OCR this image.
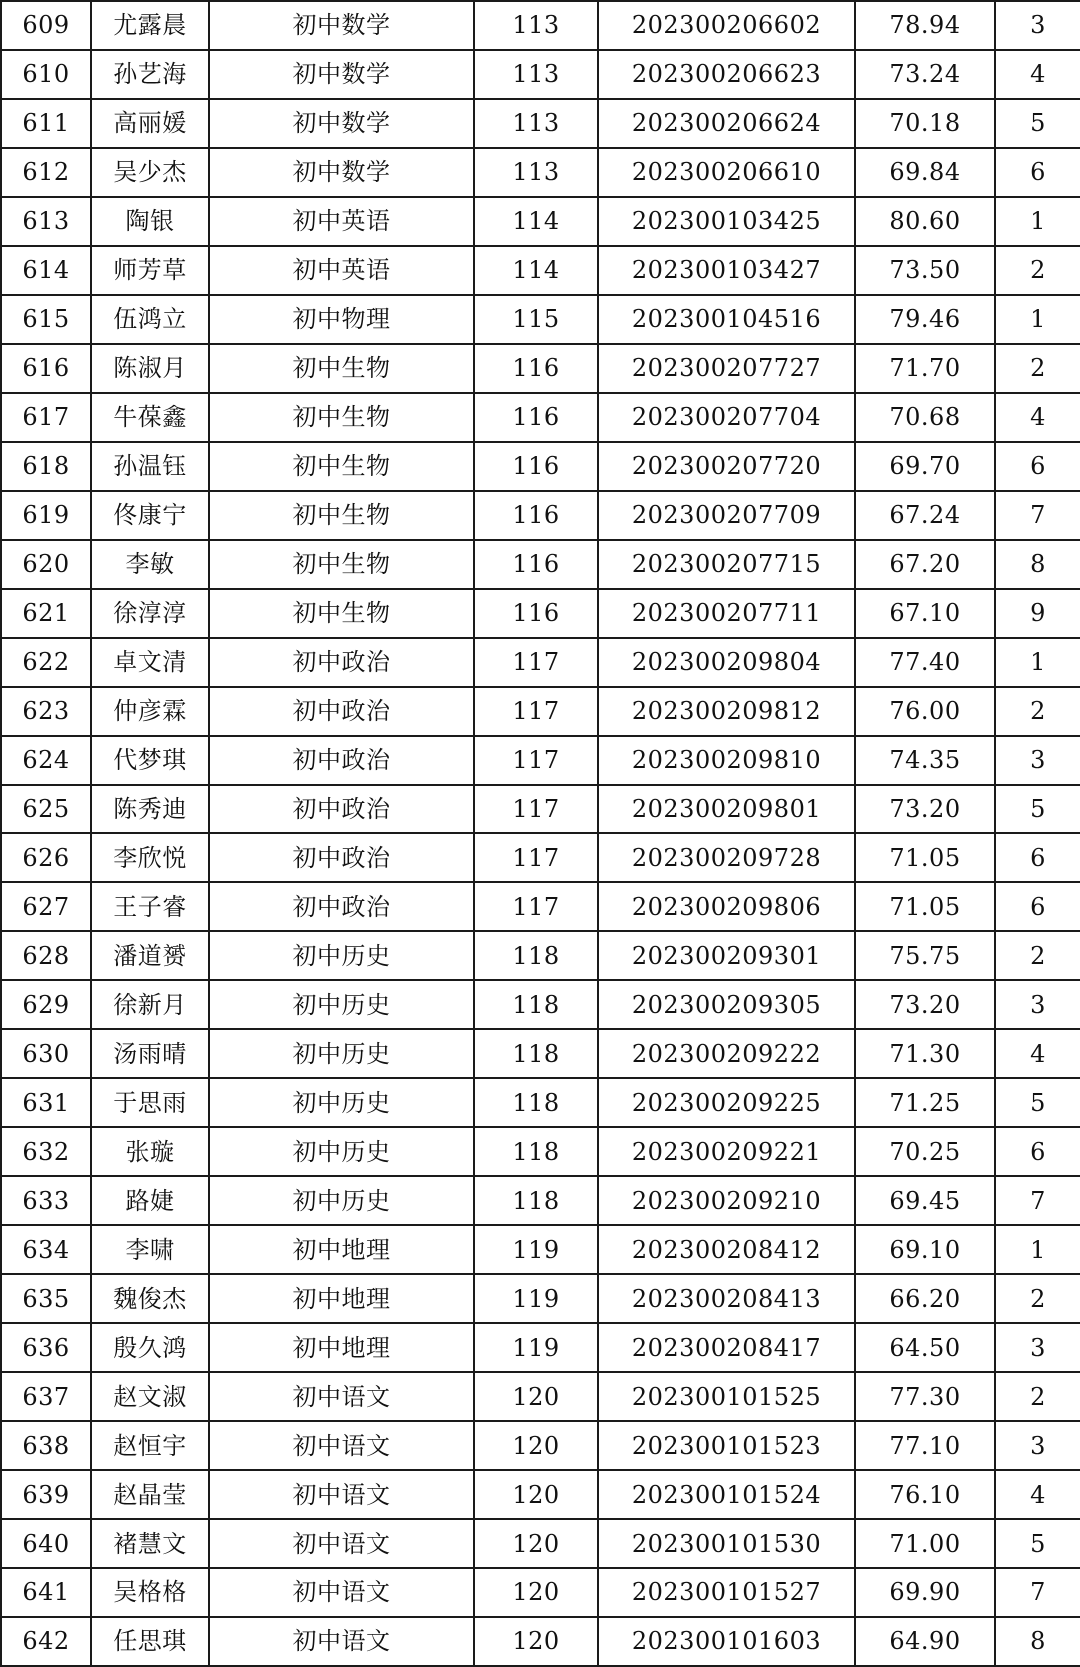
609	尤露晨	初中数学	113	202300206602	78.94	3
610	孙艺海	初中数学	113	202300206623	73.24	4
611	高丽媛	初中数学	113	202300206624	70.18	5
612	吴少杰	初中数学	113	202300206610	69.84	6
613	陶银	初中英语	114	202300103425	80.60	1
614	师芳草	初中英语	114	202300103427	73.50	2
615	伍鸿立	初中物理	115	202300104516	79.46	1
616	陈淑月	初中生物	116	202300207727	71.70	2
617	牛葆鑫	初中生物	116	202300207704	70.68	4
618	孙温钰	初中生物	116	202300207720	69.70	6
619	佟康宁	初中生物	116	202300207709	67.24	7
620	李敏	初中生物	116	202300207715	67.20	8
621	徐淳淳	初中生物	116	202300207711	67.10	9
622	卓文清	初中政治	117	202300209804	77.40	1
623	仲彦霖	初中政治	117	202300209812	76.00	2
624	代梦琪	初中政治	117	202300209810	74.35	3
625	陈秀迪	初中政治	117	202300209801	73.20	5
626	李欣悦	初中政治	117	202300209728	71.05	6
627	王子睿	初中政治	117	202300209806	71.05	6
628	潘道赟	初中历史	118	202300209301	75.75	2
629	徐新月	初中历史	118	202300209305	73.20	3
630	汤雨晴	初中历史	118	202300209222	71.30	4
631	于思雨	初中历史	118	202300209225	71.25	5
632	张璇	初中历史	118	202300209221	70.25	6
633	路婕	初中历史	118	202300209210	69.45	7
634	李啸	初中地理	119	202300208412	69.10	1
635	魏俊杰	初中地理	119	202300208413	66.20	2
636	殷久鸿	初中地理	119	202300208417	64.50	3
637	赵文淑	初中语文	120	202300101525	77.30	2
638	赵恒宇	初中语文	120	202300101523	77.10	3
639	赵晶莹	初中语文	120	202300101524	76.10	4
640	褚慧文	初中语文	120	202300101530	71.00	5
641	吴格格	初中语文	120	202300101527	69.90	7
642	任思琪	初中语文	120	202300101603	64.90	8
